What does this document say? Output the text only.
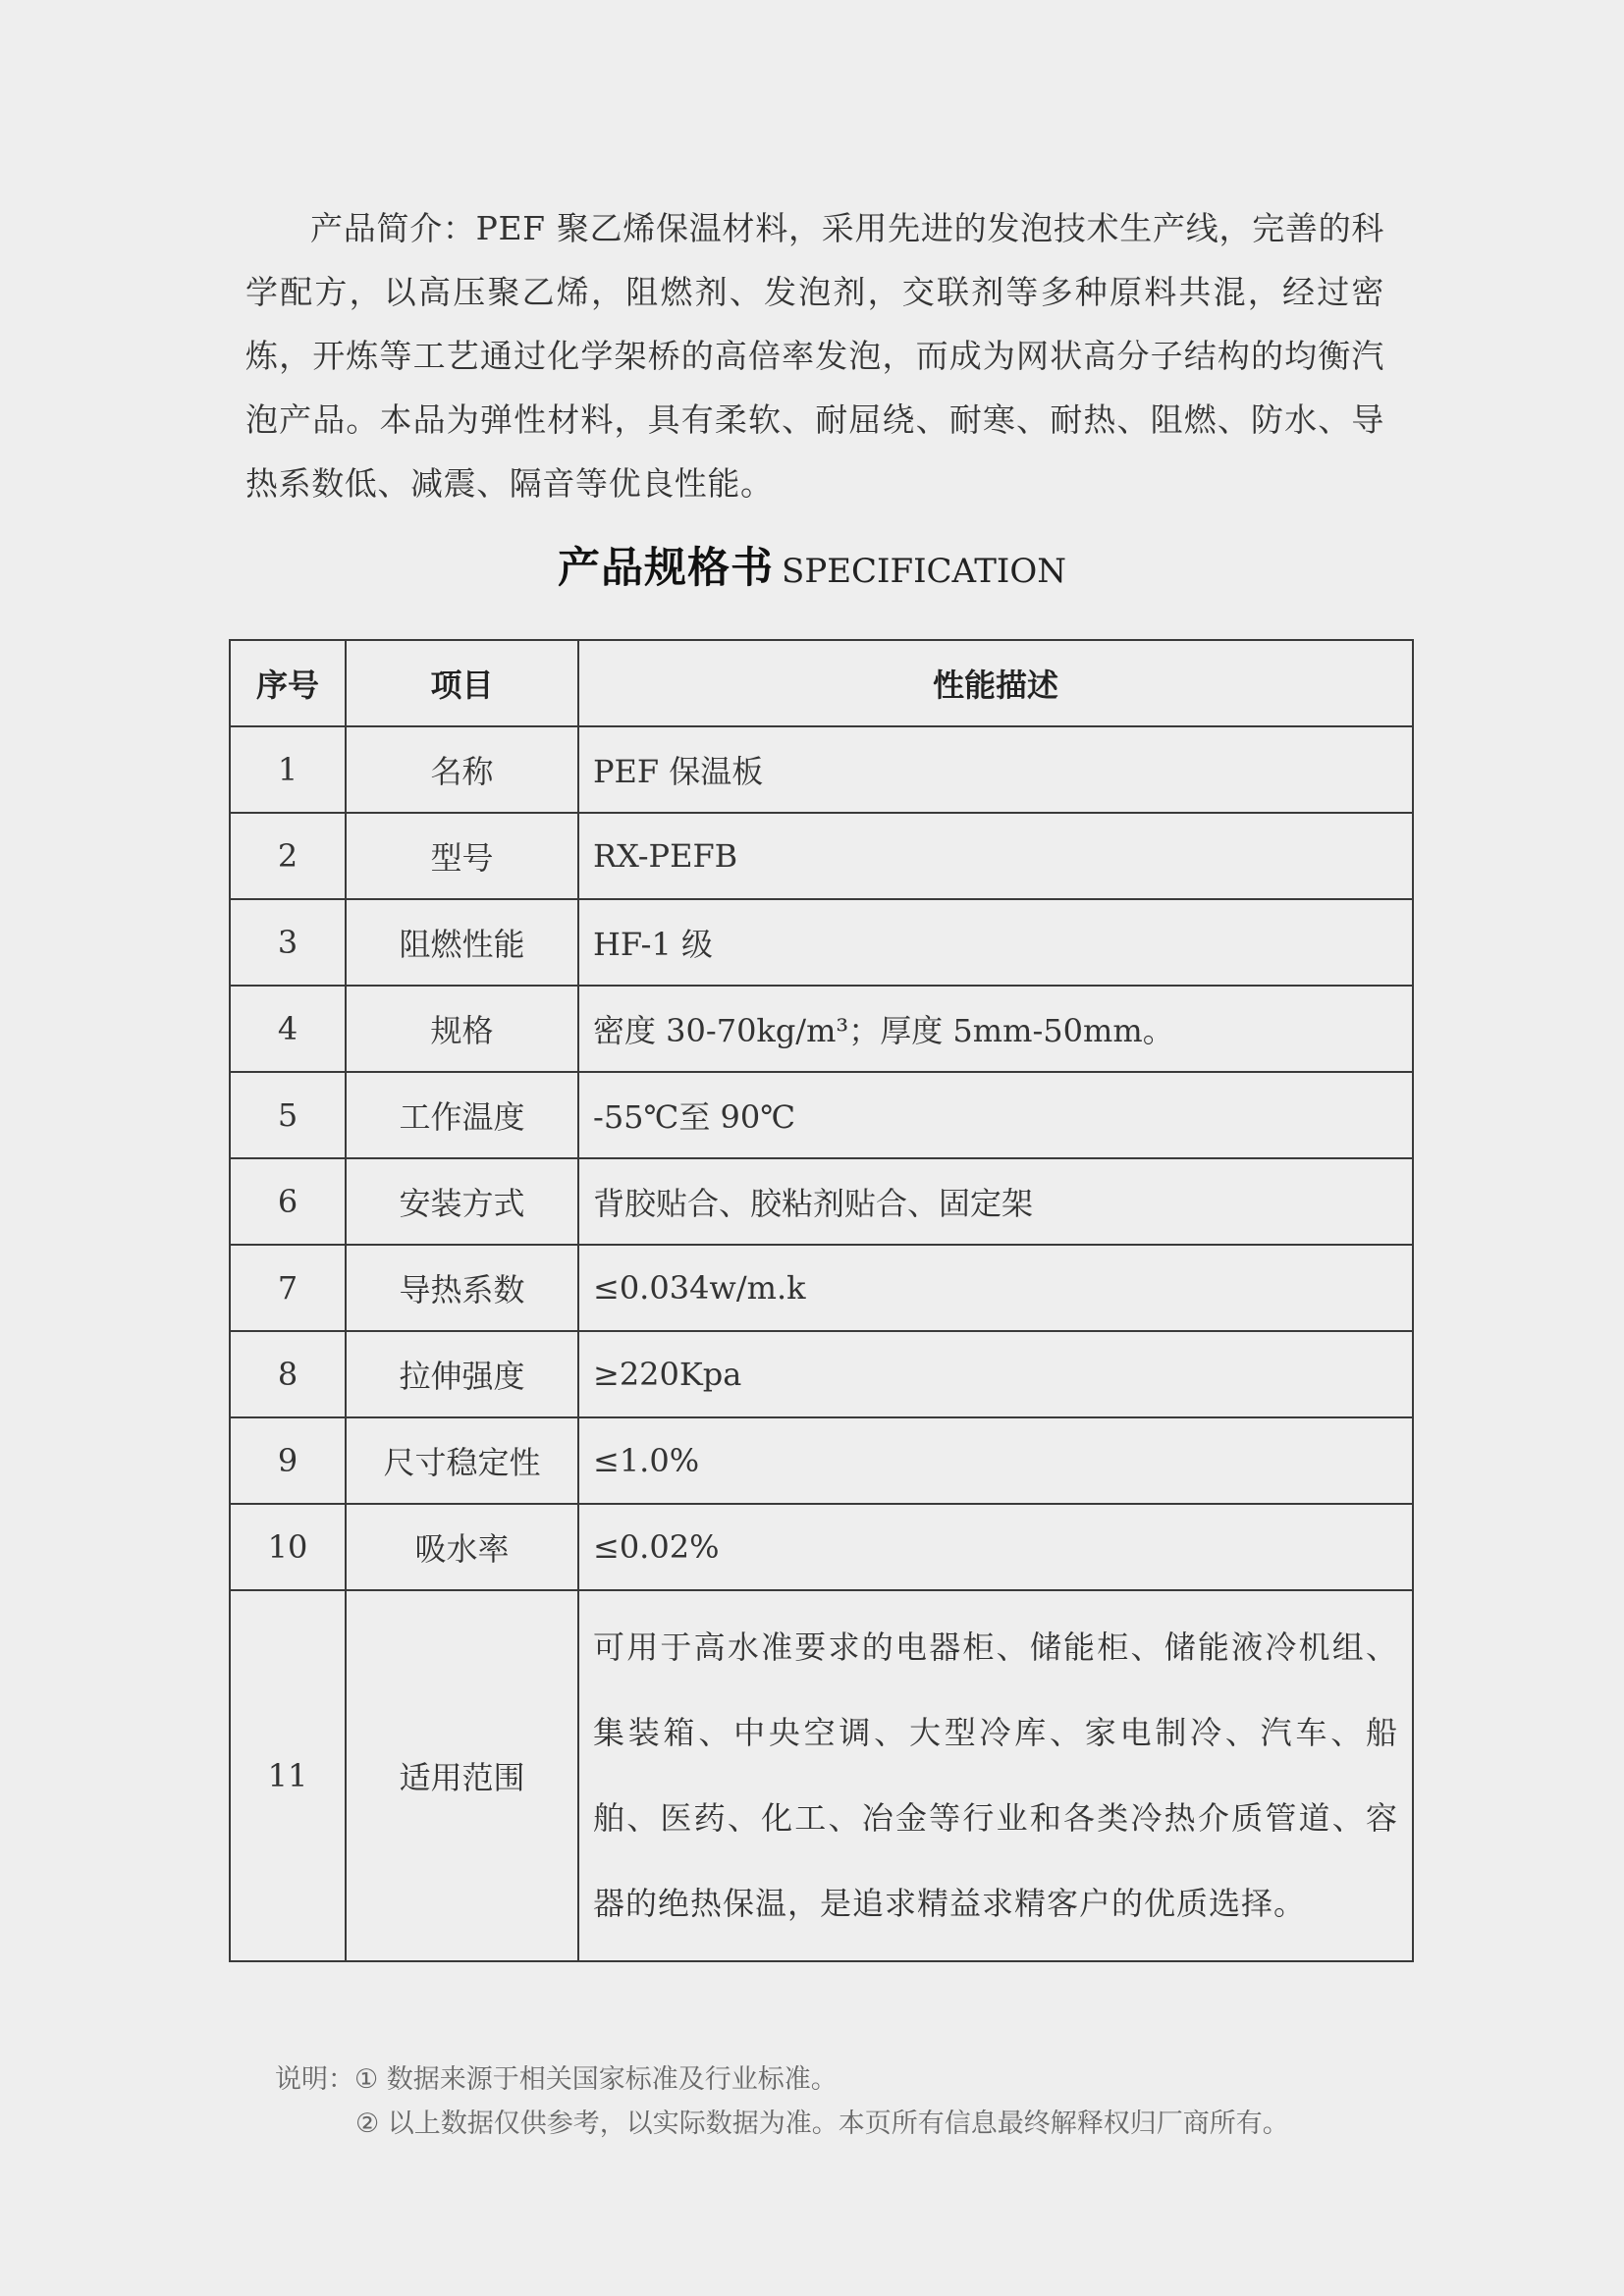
产品简介：PEF 聚乙烯保温材料，采用先进的发泡技术生产线，完善的科学配方，以高压聚乙烯，阻燃剂、发泡剂，交联剂等多种原料共混，经过密炼，开炼等工艺通过化学架桥的高倍率发泡，而成为网状高分子结构的均衡汽泡产品。本品为弹性材料，具有柔软、耐屈绕、耐寒、耐热、阻燃、防水、导热系数低、减震、隔音等优良性能。

产品规格书 SPECIFICATION
序号	项目	性能描述
1	名称	PEF 保温板
2	型号	RX-PEFB
3	阻燃性能	HF-1 级
4	规格	密度 30-70kg/m³；厚度 5mm-50mm。
5	工作温度	-55℃至 90℃
6	安装方式	背胶贴合、胶粘剂贴合、固定架
7	导热系数	≤0.034w/m.k
8	拉伸强度	≥220Kpa
9	尺寸稳定性	≤1.0%
10	吸水率	≤0.02%
11	适用范围	可用于高水准要求的电器柜、储能柜、储能液冷机组、集装箱、中央空调、大型冷库、家电制冷、汽车、船舶、医药、化工、冶金等行业和各类冷热介质管道、容器的绝热保温，是追求精益求精客户的优质选择。
说明：① 数据来源于相关国家标准及行业标准。
② 以上数据仅供参考，以实际数据为准。本页所有信息最终解释权归厂商所有。
